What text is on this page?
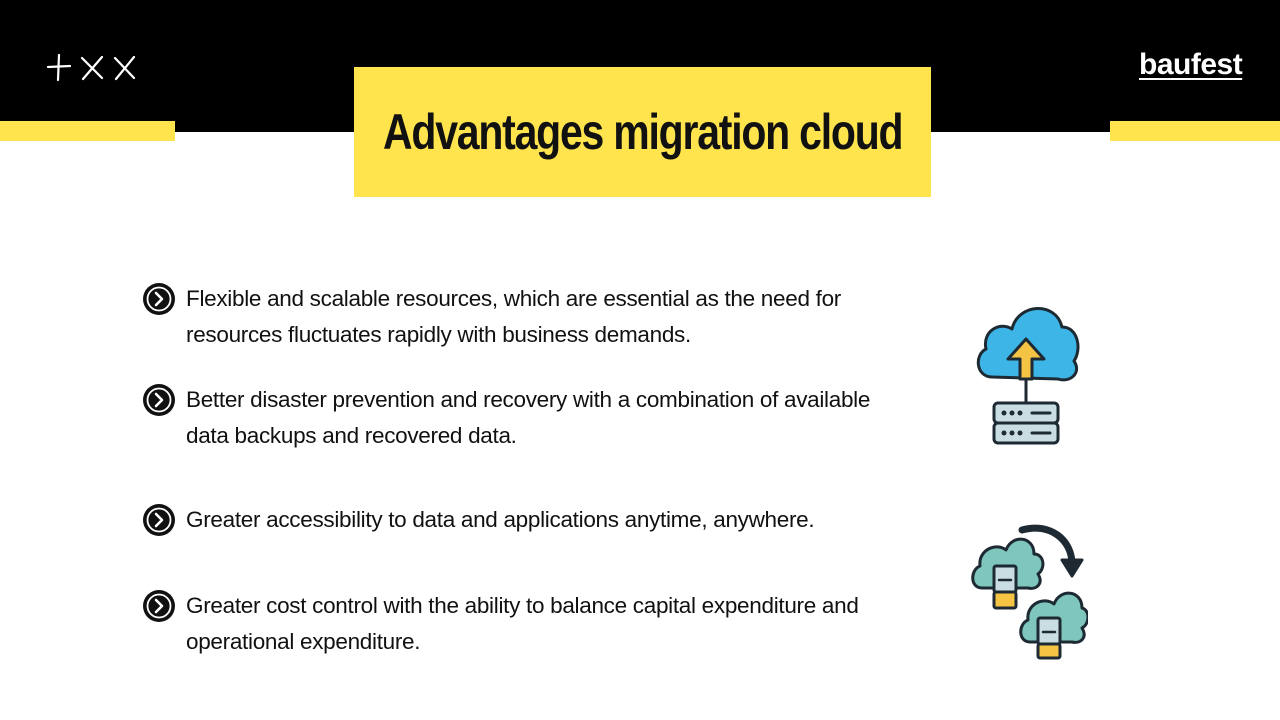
baufest
Advantages migration cloud
Flexible and scalable resources, which are essential as the need for resources fluctuates rapidly with business demands.
Better disaster prevention and recovery with a combination of available data backups and recovered data.
Greater accessibility to data and applications anytime, anywhere.
Greater cost control with the ability to balance capital expenditure and operational expenditure.
